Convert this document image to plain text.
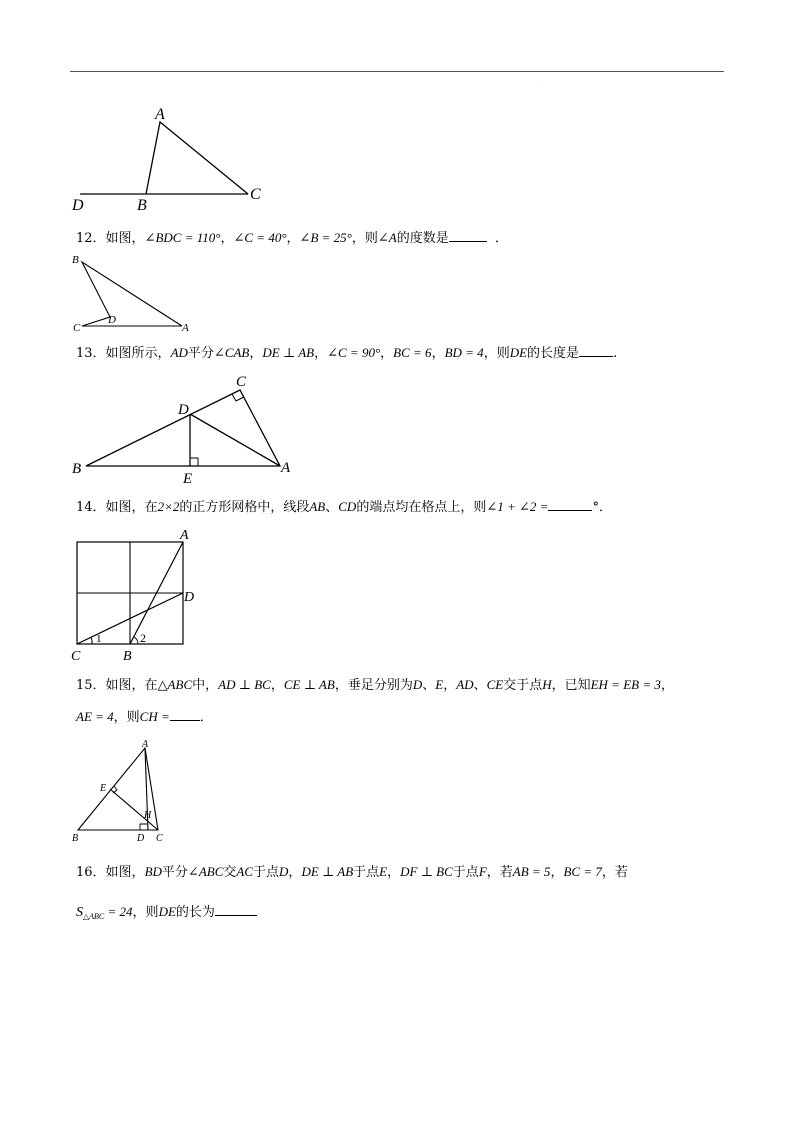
·
A
D	B
C
12．如图，∠BDC = 110°，∠C = 40°，∠B = 25°，则∠A的度数是	．
B
C
D
A
13．如图所示，AD平分∠CAB，DE ⊥ AB，∠C = 90°，BC = 6，BD = 4，则DE的长度是	.
C
D
B	A
E
14．如图，在2×2的正方形网格中，线段AB、CD的端点均在格点上，则∠1 + ∠2 =	°．
A
D
C	B
1	2
15．如图，在△ABC中，AD ⊥ BC，CE ⊥ AB，垂足分别为D、E，AD、CE交于点H，已知EH = EB = 3，
AE = 4，则CH = ．
A
E
H
B	D C
16．如图，BD平分∠ABC交AC于点D，DE ⊥ AB于点E，DF ⊥ BC于点F，若AB = 5，BC = 7，若
$S_{\triangle ABC} = 24$，则DE的长为
